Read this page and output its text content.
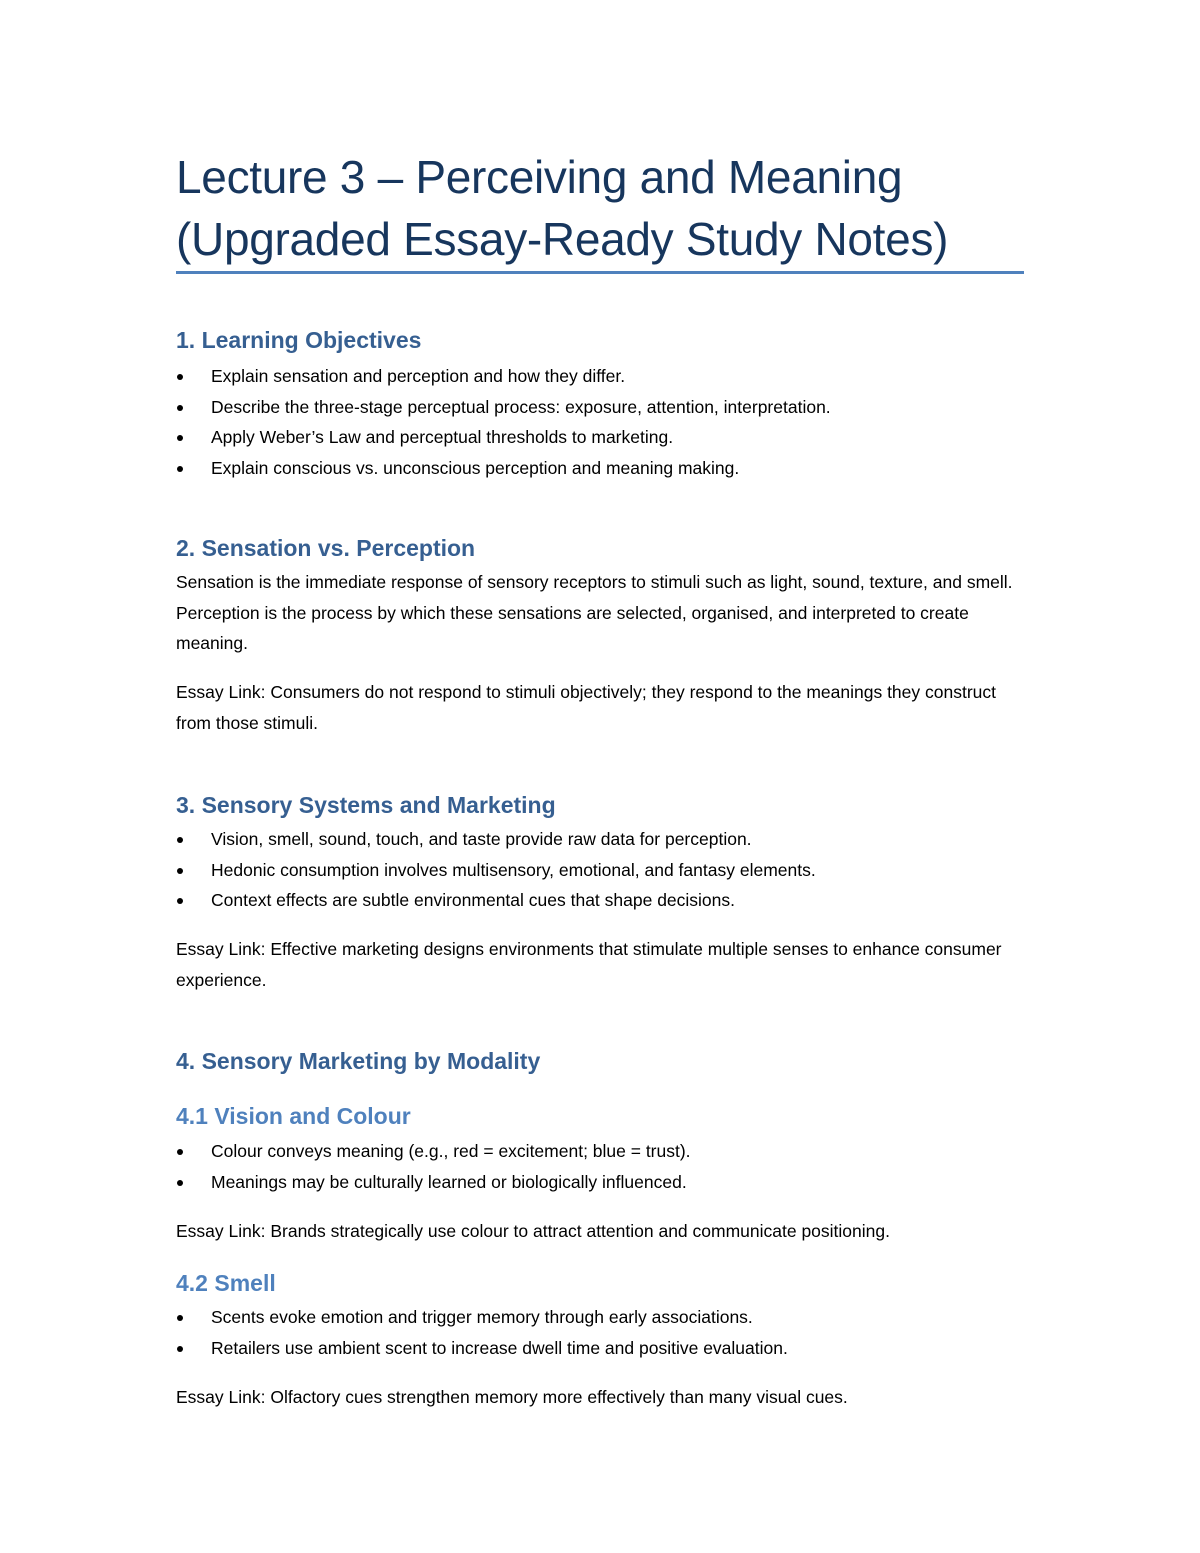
Lecture 3 – Perceiving and Meaning
(Upgraded Essay-Ready Study Notes)
1. Learning Objectives
Explain sensation and perception and how they differ.
Describe the three-stage perceptual process: exposure, attention, interpretation.
Apply Weber’s Law and perceptual thresholds to marketing.
Explain conscious vs. unconscious perception and meaning making.
2. Sensation vs. Perception

Sensation is the immediate response of sensory receptors to stimuli such as light, sound, texture, and smell. Perception is the process by which these sensations are selected, organised, and interpreted to create meaning.

Essay Link: Consumers do not respond to stimuli objectively; they respond to the meanings they construct from those stimuli.

3. Sensory Systems and Marketing
Vision, smell, sound, touch, and taste provide raw data for perception.
Hedonic consumption involves multisensory, emotional, and fantasy elements.
Context effects are subtle environmental cues that shape decisions.

Essay Link: Effective marketing designs environments that stimulate multiple senses to enhance consumer experience.

4. Sensory Marketing by Modality
4.1 Vision and Colour
Colour conveys meaning (e.g., red = excitement; blue = trust).
Meanings may be culturally learned or biologically influenced.

Essay Link: Brands strategically use colour to attract attention and communicate positioning.

4.2 Smell
Scents evoke emotion and trigger memory through early associations.
Retailers use ambient scent to increase dwell time and positive evaluation.

Essay Link: Olfactory cues strengthen memory more effectively than many visual cues.
